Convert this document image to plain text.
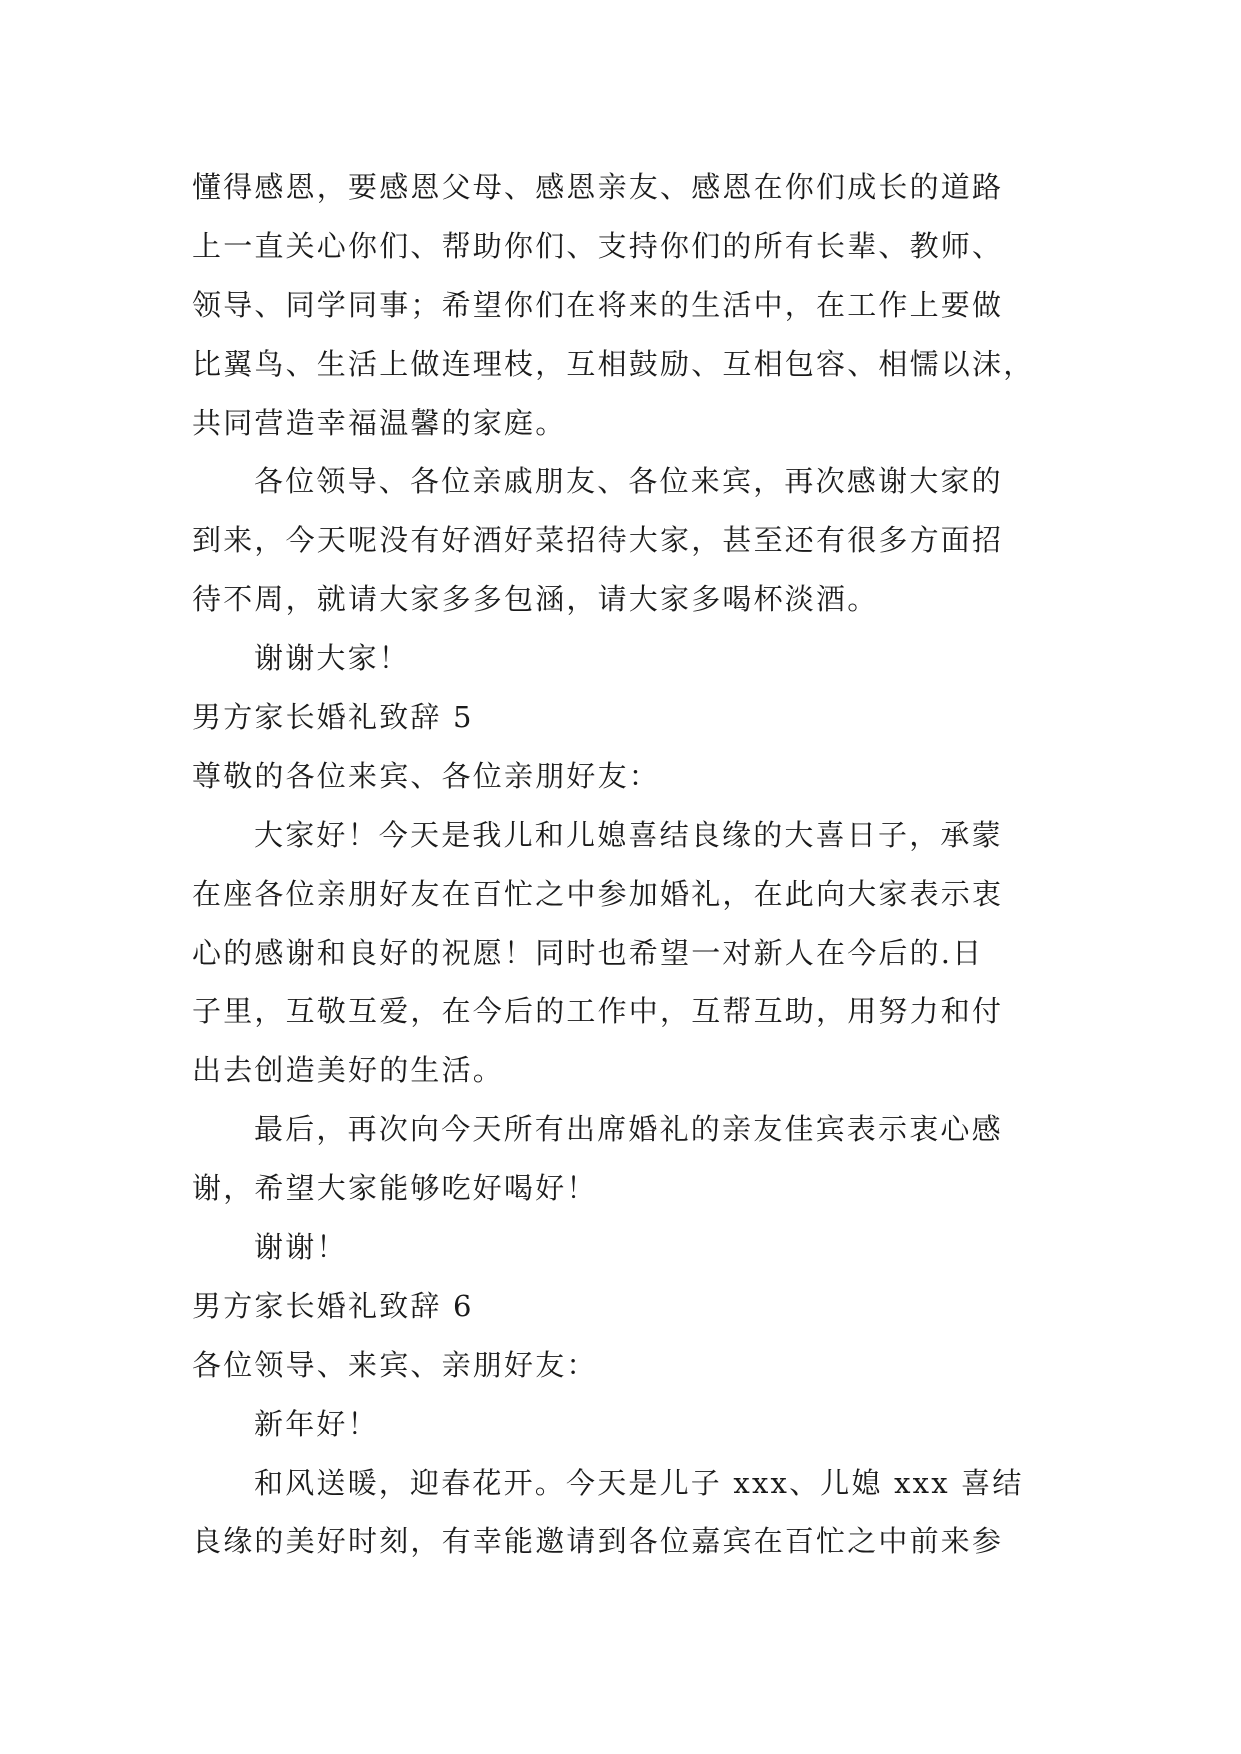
懂得感恩，要感恩父母、感恩亲友、感恩在你们成长的道路
上一直关心你们、帮助你们、支持你们的所有长辈、教师、
领导、同学同事；希望你们在将来的生活中，在工作上要做
比翼鸟、生活上做连理枝，互相鼓励、互相包容、相懦以沫，
共同营造幸福温馨的家庭。
各位领导、各位亲戚朋友、各位来宾，再次感谢大家的
到来，今天呢没有好酒好菜招待大家，甚至还有很多方面招
待不周，就请大家多多包涵，请大家多喝杯淡酒。
谢谢大家！
男方家长婚礼致辞 5
尊敬的各位来宾、各位亲朋好友：
大家好！今天是我儿和儿媳喜结良缘的大喜日子，承蒙
在座各位亲朋好友在百忙之中参加婚礼，在此向大家表示衷
心的感谢和良好的祝愿！同时也希望一对新人在今后的.日
子里，互敬互爱，在今后的工作中，互帮互助，用努力和付
出去创造美好的生活。
最后，再次向今天所有出席婚礼的亲友佳宾表示衷心感
谢，希望大家能够吃好喝好！
谢谢！
男方家长婚礼致辞 6
各位领导、来宾、亲朋好友：
新年好！
和风送暖，迎春花开。今天是儿子 xxx、儿媳 xxx 喜结
良缘的美好时刻，有幸能邀请到各位嘉宾在百忙之中前来参
